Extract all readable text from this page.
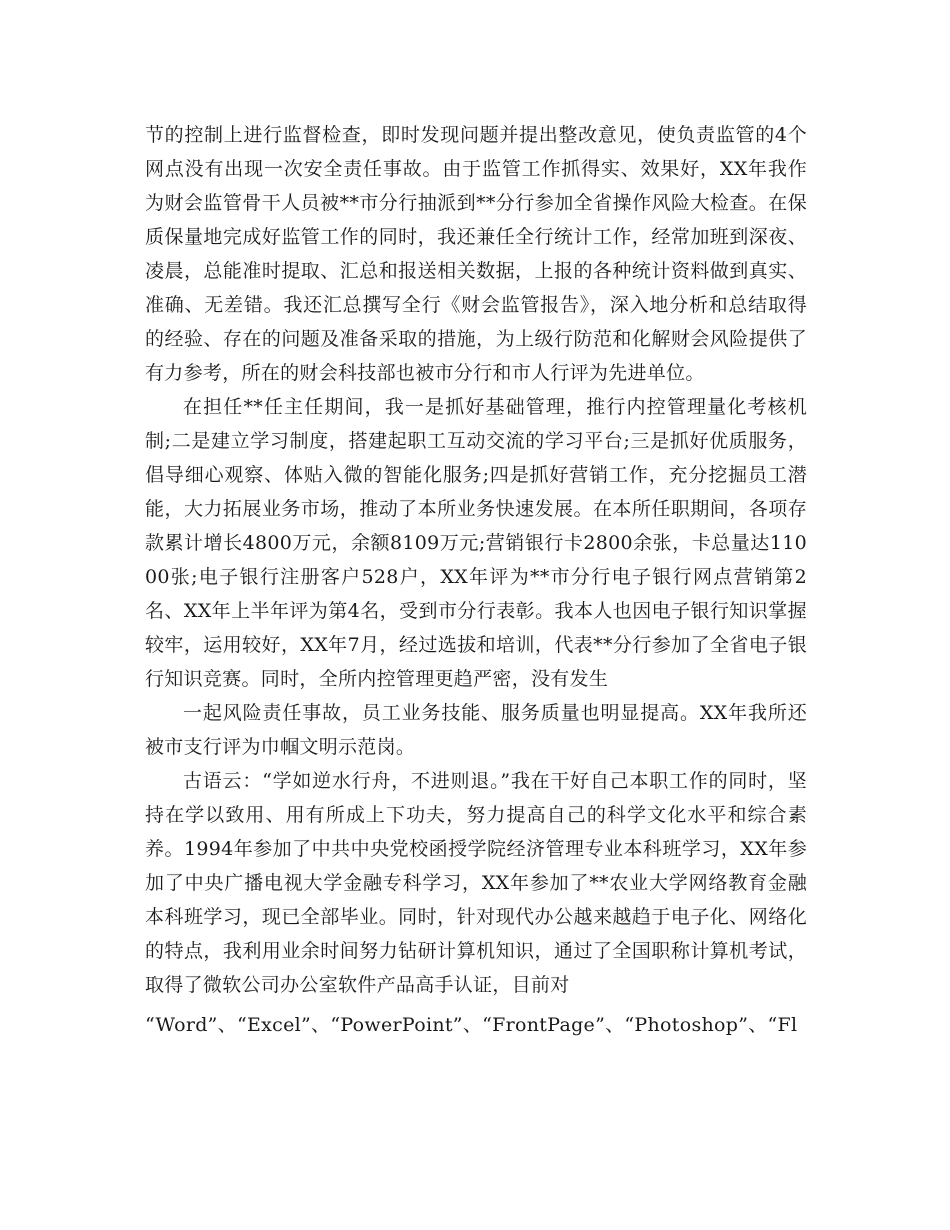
节的控制上进行监督检查，即时发现问题并提出整改意见，使负责监管的4个网点没有出现一次安全责任事故。由于监管工作抓得实、效果好，XX年我作为财会监管骨干人员被**市分行抽派到**分行参加全省操作风险大检查。在保质保量地完成好监管工作的同时，我还兼任全行统计工作，经常加班到深夜、凌晨，总能准时提取、汇总和报送相关数据，上报的各种统计资料做到真实、准确、无差错。我还汇总撰写全行《财会监管报告》，深入地分析和总结取得的经验、存在的问题及准备采取的措施，为上级行防范和化解财会风险提供了有力参考，所在的财会科技部也被市分行和市人行评为先进单位。

在担任**任主任期间，我一是抓好基础管理，推行内控管理量化考核机制;二是建立学习制度，搭建起职工互动交流的学习平台;三是抓好优质服务，倡导细心观察、体贴入微的智能化服务;四是抓好营销工作，充分挖掘员工潜能，大力拓展业务市场，推动了本所业务快速发展。在本所任职期间，各项存款累计增长4800万元，余额8109万元;营销银行卡2800余张，卡总量达11000张;电子银行注册客户528户，XX年评为**市分行电子银行网点营销第2名、XX年上半年评为第4名，受到市分行表彰。我本人也因电子银行知识掌握较牢，运用较好，XX年7月，经过选拔和培训，代表**分行参加了全省电子银行知识竞赛。同时，全所内控管理更趋严密，没有发生

一起风险责任事故，员工业务技能、服务质量也明显提高。XX年我所还被市支行评为巾帼文明示范岗。

古语云：“学如逆水行舟，不进则退。”我在干好自己本职工作的同时，坚持在学以致用、用有所成上下功夫，努力提高自己的科学文化水平和综合素养。1994年参加了中共中央党校函授学院经济管理专业本科班学习，XX年参加了中央广播电视大学金融专科学习，XX年参加了**农业大学网络教育金融本科班学习，现已全部毕业。同时，针对现代办公越来越趋于电子化、网络化的特点，我利用业余时间努力钻研计算机知识，通过了全国职称计算机考试，取得了微软公司办公室软件产品高手认证，目前对

“Word”、“Excel”、“PowerPoint”、“FrontPage”、“Photoshop”、“Fl
